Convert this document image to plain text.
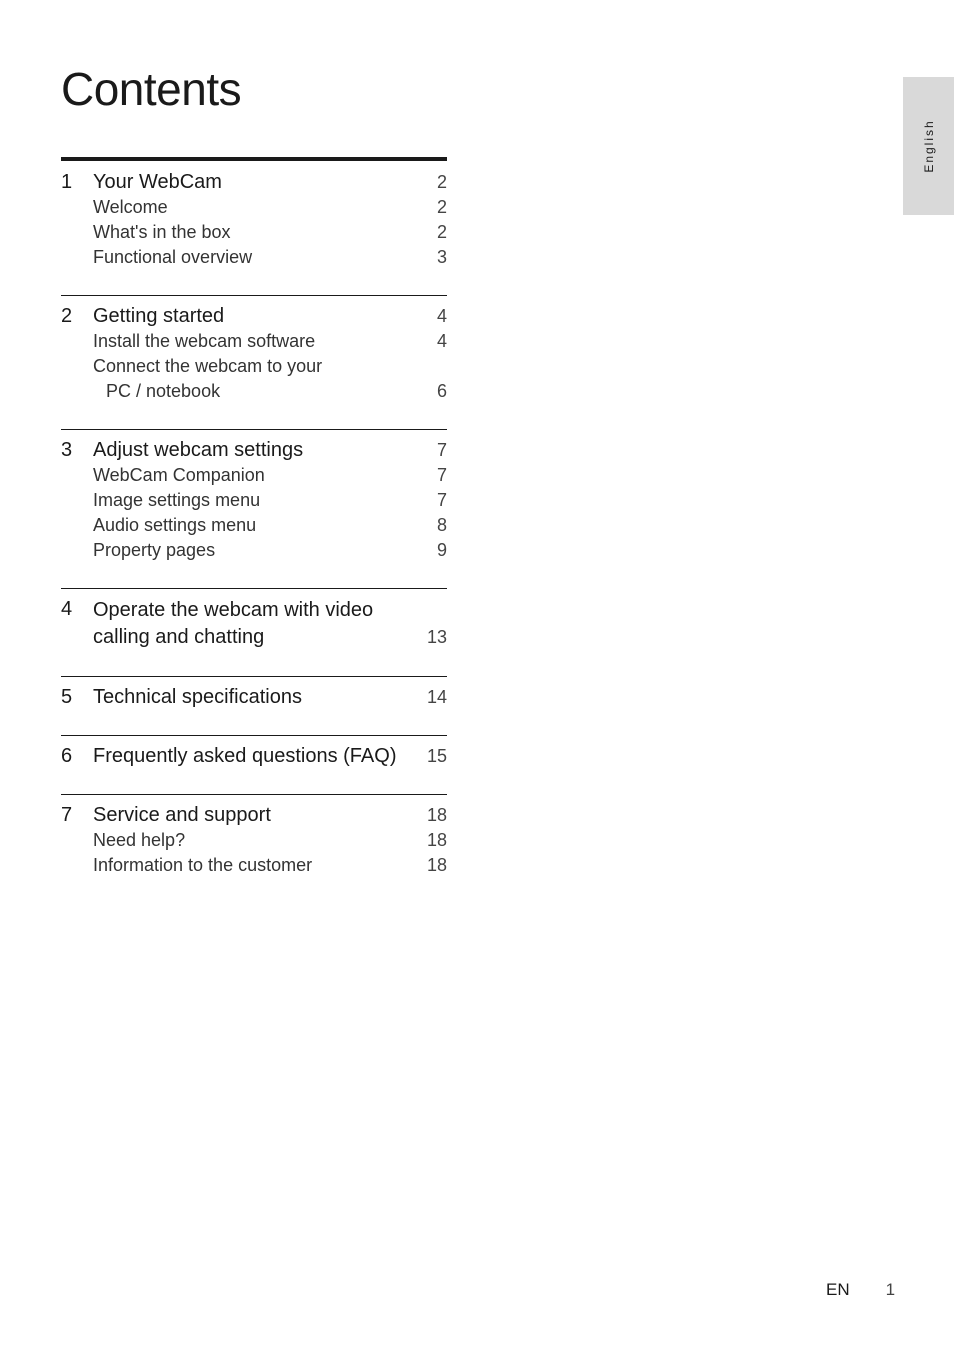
Contents
English
1	Your WebCam	2
Welcome	2
What's in the box	2
Functional overview	3
2	Getting started	4
Install the webcam software	4
Connect the webcam to your
PC / notebook	6
3	Adjust webcam settings	7
WebCam Companion	7
Image settings menu	7
Audio settings menu	8
Property pages	9
4	Operate the webcam with video
calling and chatting	13
5	Technical specifications	14
6	Frequently asked questions (FAQ)	15
7	Service and support	18
Need help?	18
Information to the customer	18
EN 1
